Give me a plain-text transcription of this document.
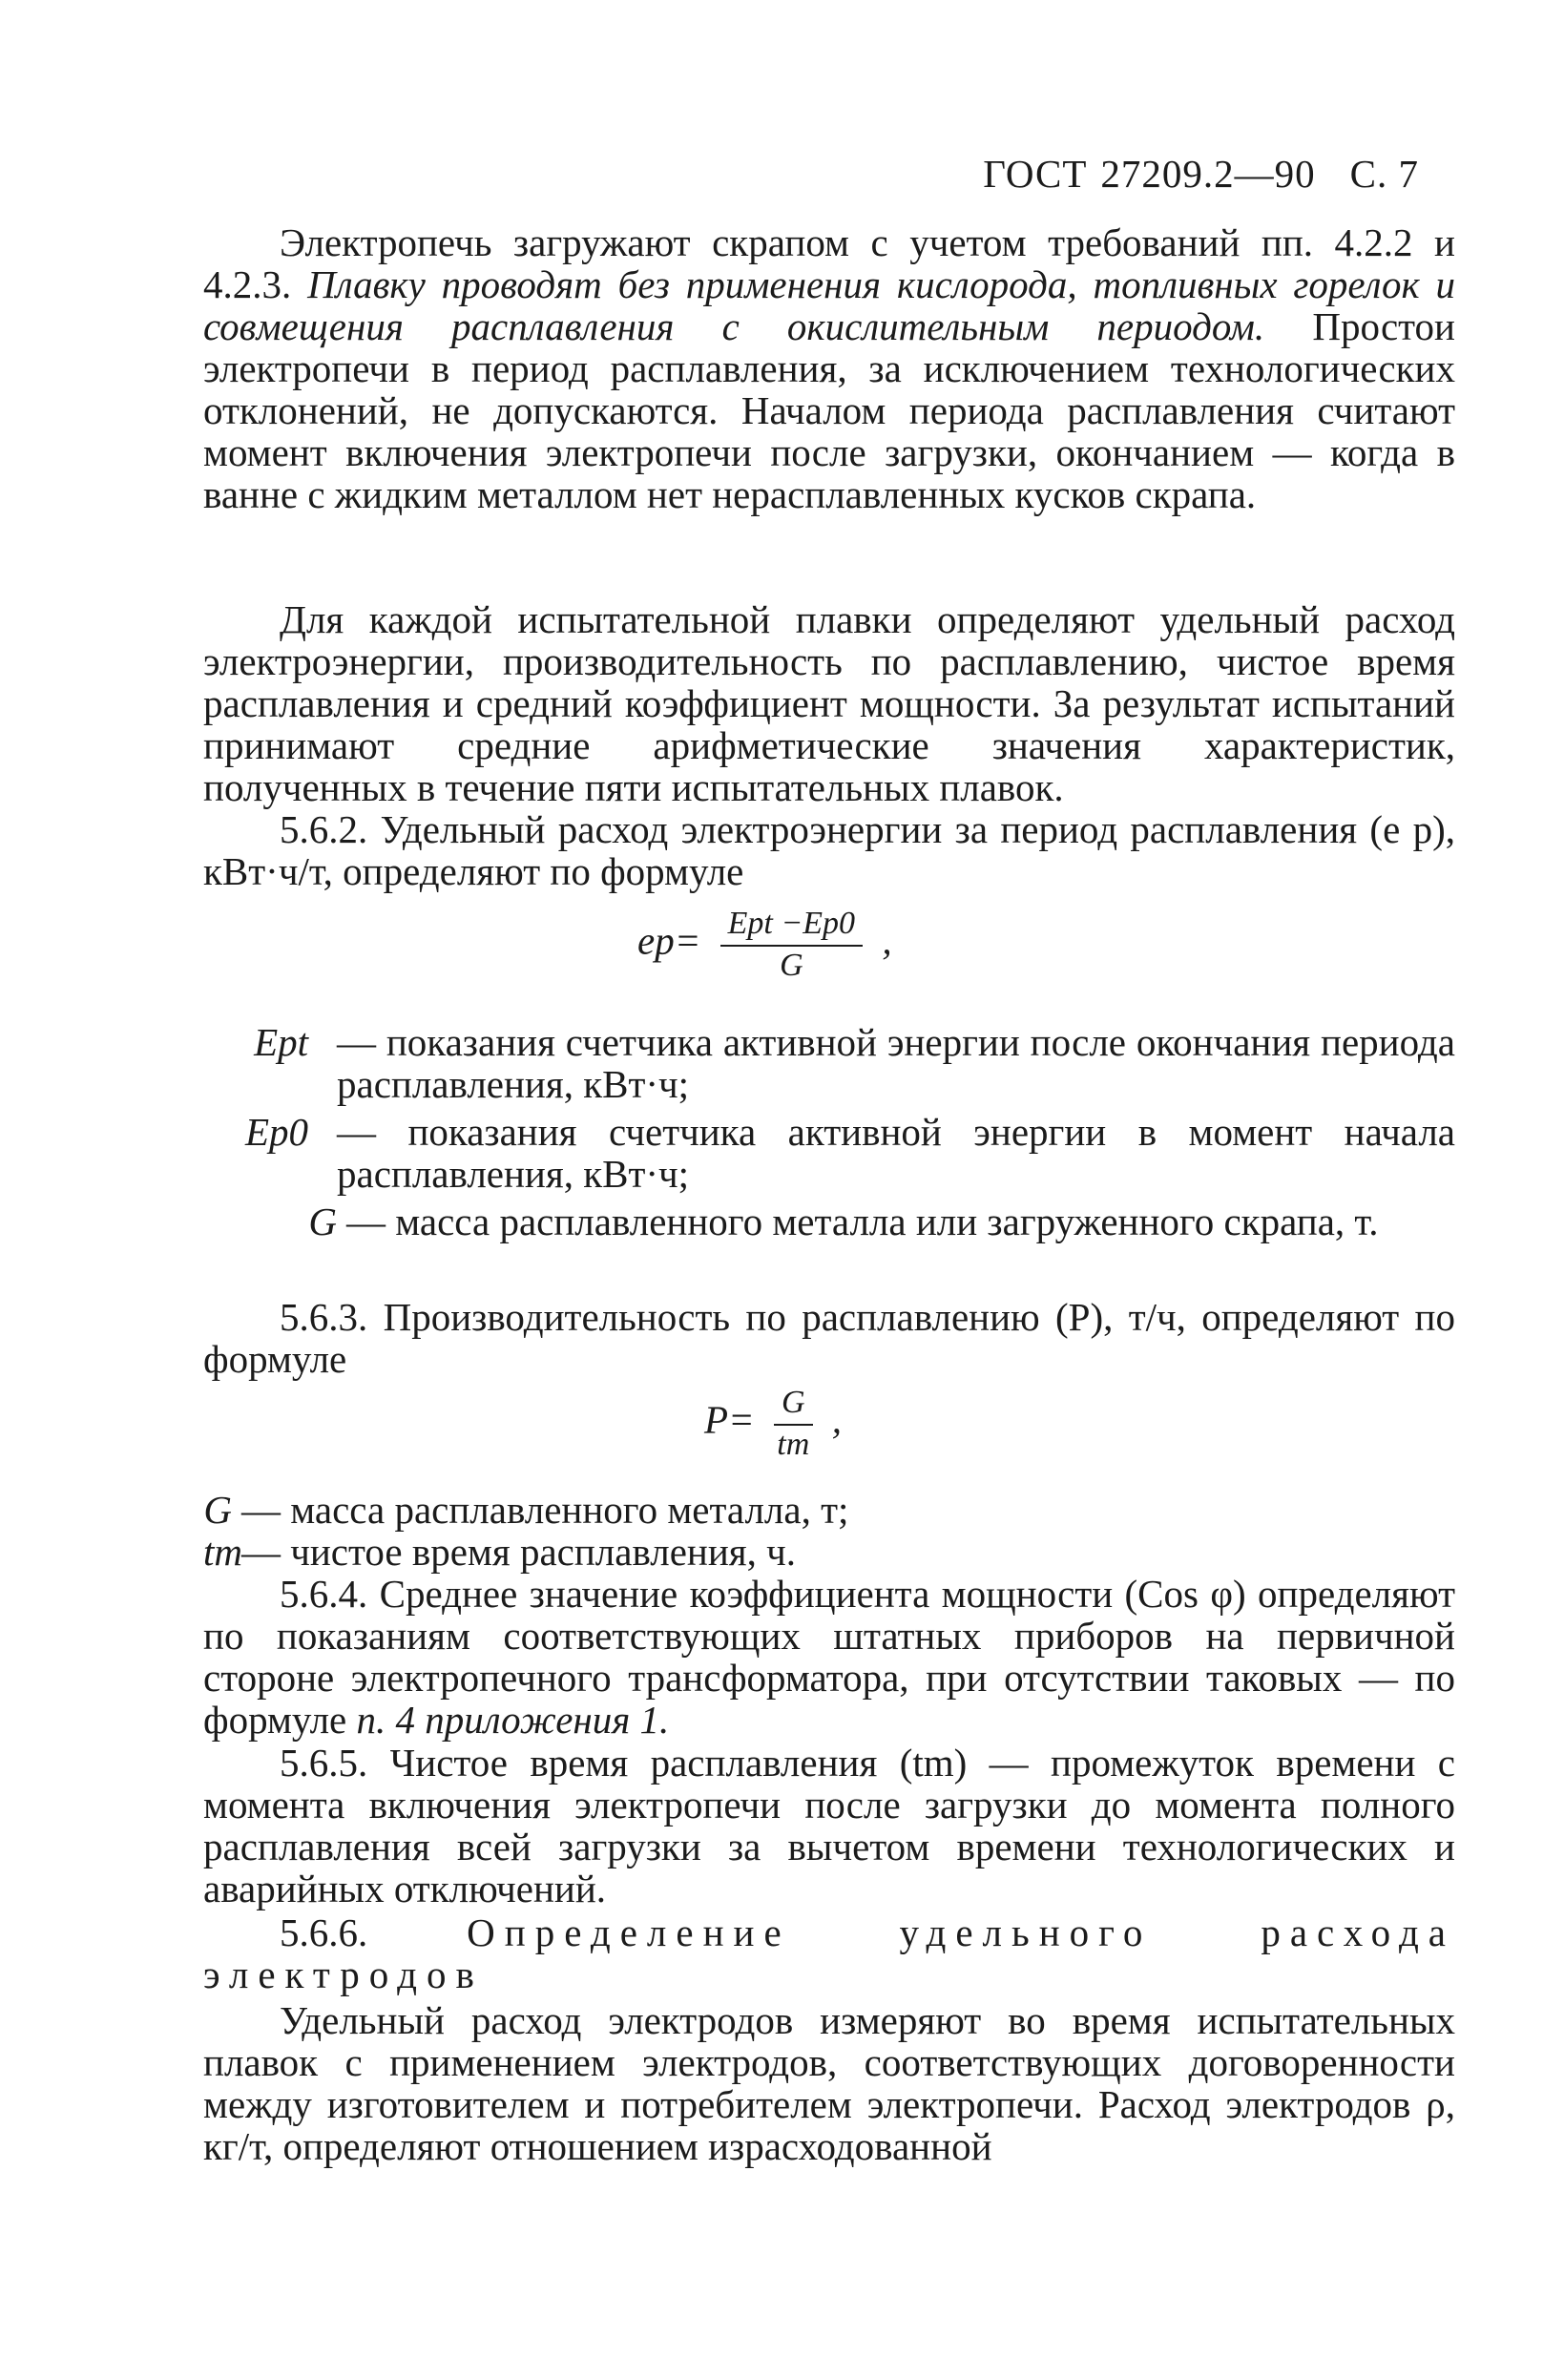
ГОСТ 27209.2—90 С. 7

Электропечь загружают скрапом с учетом требований пп. 4.2.2 и 4.2.3. Плавку проводят без применения кислорода, топливных горелок и совмещения расплавления с окислительным периодом. Простои электропечи в период расплавления, за исключением технологических отклонений, не допускаются. Началом периода расплавления считают момент включения электропечи после загрузки, окончанием — когда в ванне с жидким металлом нет нерасплавленных кусков скрапа.

Для каждой испытательной плавки определяют удельный расход электроэнергии, производительность по расплавлению, чистое время расплавления и средний коэффициент мощности. За результат испытаний принимают средние арифметические значения характеристик, полученных в течение пяти испытательных плавок.

5.6.2. Удельный расход электроэнергии за период расплавления (e p), кВт·ч/т, определяют по формуле

$ep= \frac{\text{Ept −Ep0}}{G}$ ,
Ept — показания счетчика активной энергии после окончания периода расплавления, кВт·ч;
Ep0 — показания счетчика активной энергии в момент начала расплавления, кВт·ч;
G — масса расплавленного металла или загруженного скрапа, т.

5.6.3. Производительность по расплавлению (P), т/ч, определяют по формуле

$P= \frac{G}{tm}$ ,
G — масса расплавленного металла, т;
tm — чистое время расплавления, ч.

5.6.4. Среднее значение коэффициента мощности (Cos φ) определяют по показаниям соответствующих штатных приборов на первичной стороне электропечного трансформатора, при отсутствии таковых — по формуле п. 4 приложения 1.

5.6.5. Чистое время расплавления (tm) — промежуток времени с момента включения электропечи после загрузки до момента полного расплавления всей загрузки за вычетом времени технологических и аварийных отключений.

5.6.6.	Определение удельного расхода электродов

Удельный расход электродов измеряют во время испытательных плавок с применением электродов, соответствующих договоренности между изготовителем и потребителем электропечи. Расход электродов ρ, кг/т, определяют отношением израсходованной
